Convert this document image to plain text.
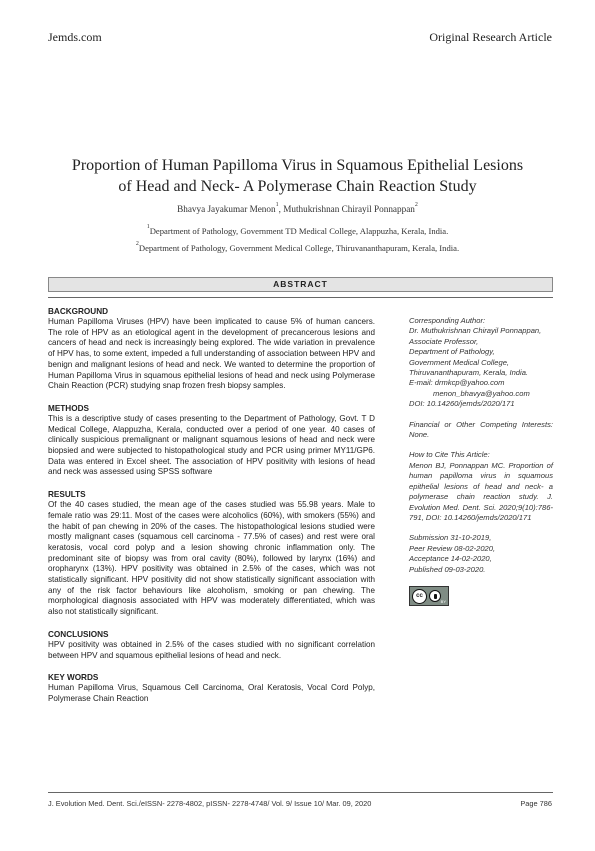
Jemds.com	Original Research Article
Proportion of Human Papilloma Virus in Squamous Epithelial Lesions
of Head and Neck- A Polymerase Chain Reaction Study
Bhavya Jayakumar Menon$^1$, Muthukrishnan Chirayil Ponnappan$^2$
$^1$Department of Pathology, Government TD Medical College, Alappuzha, Kerala, India.
$^2$Department of Pathology, Government Medical College, Thiruvananthapuram, Kerala, India.
ABSTRACT
BACKGROUND

Human Papilloma Viruses (HPV) have been implicated to cause 5% of human cancers. The role of HPV as an etiological agent in the development of precancerous lesions and cancers of head and neck is increasingly being explored. The wide variation in prevalence of HPV has, to some extent, impeded a full understanding of association between HPV and benign and malignant lesions of head and neck. We wanted to determine the proportion of Human Papilloma Virus in squamous epithelial lesions of head and neck using Polymerase Chain Reaction (PCR) studying snap frozen fresh biopsy samples.

METHODS

This is a descriptive study of cases presenting to the Department of Pathology, Govt. T D Medical College, Alappuzha, Kerala, conducted over a period of one year. 40 cases of clinically suspicious premalignant or malignant squamous lesions of head and neck were biopsied and were subjected to histopathological study and PCR using primer MY11/GP6. Data was entered in Excel sheet. The association of HPV positivity with lesions of head and neck was assessed using SPSS software

RESULTS

Of the 40 cases studied, the mean age of the cases studied was 55.98 years. Male to female ratio was 29:11. Most of the cases were alcoholics (60%), with smokers (55%) and the habit of pan chewing in 20% of the cases. The histopathological lesions studied were mostly malignant cases (squamous cell carcinoma - 77.5% of cases) and rest were oral keratosis, vocal cord polyp and a lesion showing chronic inflammation only. The predominant site of biopsy was from oral cavity (80%), followed by larynx (16%) and oropharynx (13%). HPV positivity was obtained in 2.5% of the cases, which was not statistically significant. HPV positivity did not show statistically significant association with any of the risk factor behaviours like alcoholism, smoking or pan chewing. The morphological diagnosis associated with HPV was moderately differentiated, which was also not statistically significant.

CONCLUSIONS

HPV positivity was obtained in 2.5% of the cases studied with no significant correlation between HPV and squamous epithelial lesions of head and neck.

KEY WORDS

Human Papilloma Virus, Squamous Cell Carcinoma, Oral Keratosis, Vocal Cord Polyp, Polymerase Chain Reaction

Corresponding Author:
Dr. Muthukrishnan Chirayil Ponnappan,
Associate Professor,
Department of Pathology,
Government Medical College,
Thiruvananthapuram, Kerala, India.
E-mail: drmkcp@yahoo.com
menon_bhavya@yahoo.com
DOI: 10.14260/jemds/2020/171

Financial or Other Competing Interests: None.

How to Cite This Article:
Menon BJ, Ponnappan MC. Proportion of human papilloma virus in squamous epithelial lesions of head and neck- a polymerase chain reaction study. J. Evolution Med. Dent. Sci. 2020;9(10):786-791, DOI: 10.14260/jemds/2020/171

Submission 31-10-2019,
Peer Review 08-02-2020,
Acceptance 14-02-2020,
Published 09-03-2020.

cc
BY
J. Evolution Med. Dent. Sci./eISSN- 2278-4802, pISSN- 2278-4748/ Vol. 9/ Issue 10/ Mar. 09, 2020	Page 786
